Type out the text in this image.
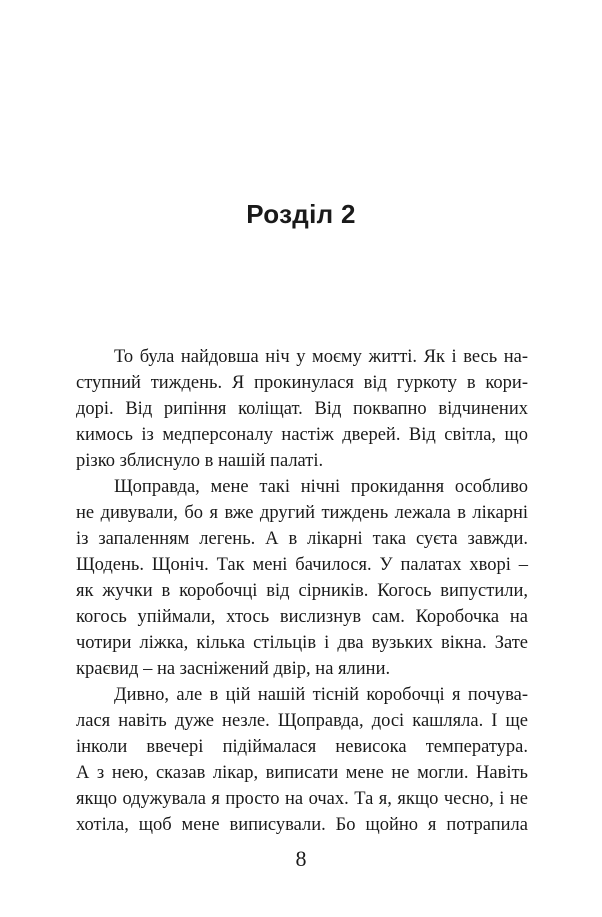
Розділ 2
То була найдовша ніч у моєму житті. Як і весь на-
ступний тиждень. Я прокинулася від гуркоту в кори-
дорі. Від рипіння коліщат. Від поквапно відчинених
кимось із медперсоналу настіж дверей. Від світла, що
різко зблиснуло в нашій палаті.
Щоправда, мене такі нічні прокидання особливо
не дивували, бо я вже другий тиждень лежала в лікарні
із запаленням легень. А в лікарні така суєта завжди.
Щодень. Щоніч. Так мені бачилося. У палатах хворі –
як жучки в коробочці від сірників. Когось випустили,
когось упіймали, хтось вислизнув сам. Коробочка на
чотири ліжка, кілька стільців і два вузьких вікна. Зате
краєвид – на засніжений двір, на ялини.
Дивно, але в цій нашій тісній коробочці я почува-
лася навіть дуже незле. Щоправда, досі кашляла. І ще
інколи ввечері підіймалася невисока температура.
А з нею, сказав лікар, виписати мене не могли. Навіть
якщо одужувала я просто на очах. Та я, якщо чесно, і не
хотіла, щоб мене виписували. Бо щойно я потрапила
8
